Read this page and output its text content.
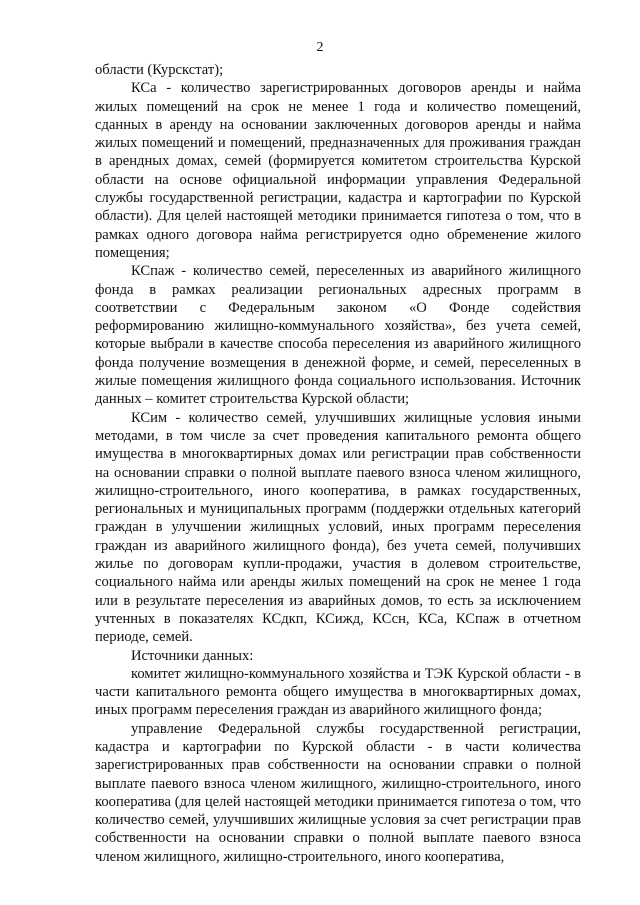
2

области (Курскстат);

КСа - количество зарегистрированных договоров аренды и найма жилых помещений на срок не менее 1 года и количество помещений, сданных в аренду на основании заключенных договоров аренды и найма жилых помещений и помещений, предназначенных для проживания граждан в арендных домах, семей (формируется комитетом строительства Курской области на основе официальной информации управления Федеральной службы государственной регистрации, кадастра и картографии по Курской области). Для целей настоящей методики принимается гипотеза о том, что в рамках одного договора найма регистрируется одно обременение жилого помещения;

КСпаж - количество семей, переселенных из аварийного жилищного фонда в рамках реализации региональных адресных программ в соответствии с Федеральным законом «О Фонде содействия реформированию жилищно-коммунального хозяйства», без учета семей, которые выбрали в качестве способа переселения из аварийного жилищного фонда получение возмещения в денежной форме, и семей, переселенных в жилые помещения жилищного фонда социального использования. Источник данных – комитет строительства Курской области;

КСим - количество семей, улучшивших жилищные условия иными методами, в том числе за счет проведения капитального ремонта общего имущества в многоквартирных домах или регистрации прав собственности на основании справки о полной выплате паевого взноса членом жилищного, жилищно-строительного, иного кооператива, в рамках государственных, региональных и муниципальных программ (поддержки отдельных категорий граждан в улучшении жилищных условий, иных программ переселения граждан из аварийного жилищного фонда), без учета семей, получивших жилье по договорам купли-продажи, участия в долевом строительстве, социального найма или аренды жилых помещений на срок не менее 1 года или в результате переселения из аварийных домов, то есть за исключением учтенных в показателях КСдкп, КСижд, КСсн, КСа, КСпаж в отчетном периоде, семей.

Источники данных:

комитет жилищно-коммунального хозяйства и ТЭК Курской области - в части капитального ремонта общего имущества в многоквартирных домах, иных программ переселения граждан из аварийного жилищного фонда;

управление Федеральной службы государственной регистрации, кадастра и картографии по Курской области - в части количества зарегистрированных прав собственности на основании справки о полной выплате паевого взноса членом жилищного, жилищно-строительного, иного кооператива (для целей настоящей методики принимается гипотеза о том, что количество семей, улучшивших жилищные условия за счет регистрации прав собственности на основании справки о полной выплате паевого взноса членом жилищного, жилищно-строительного, иного кооператива,
